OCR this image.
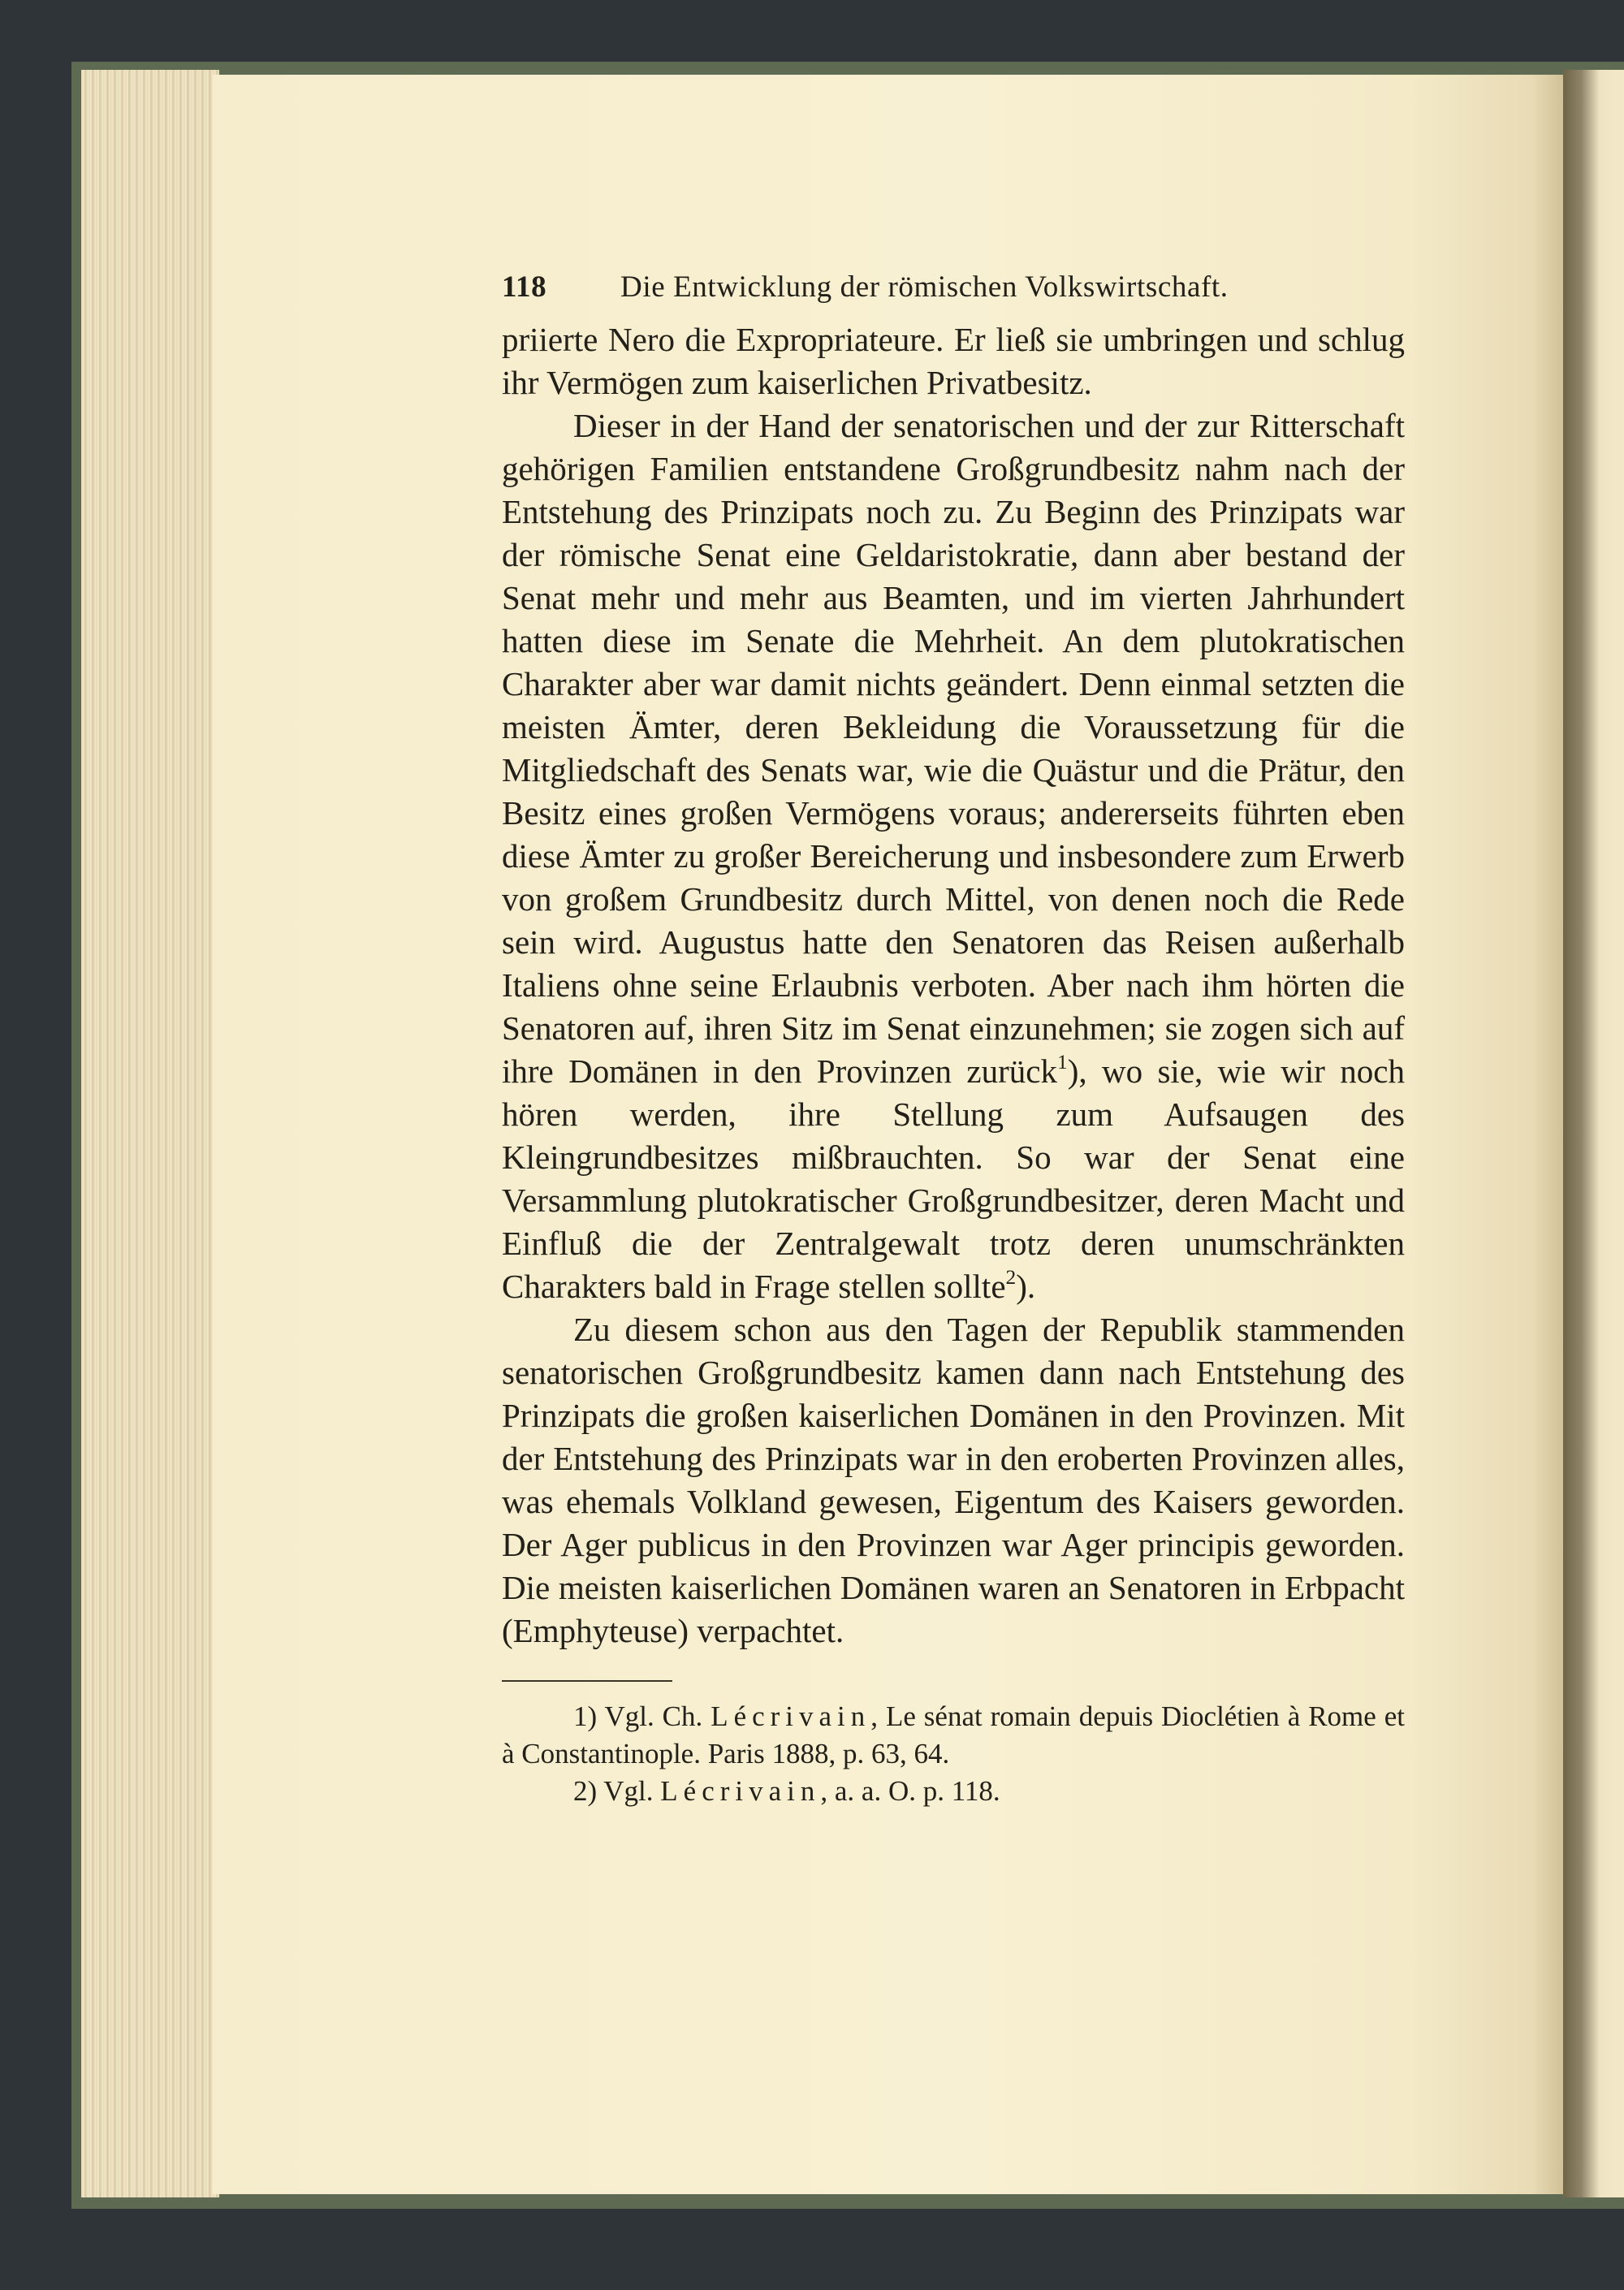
118 Die Entwicklung der römischen Volkswirtschaft.

priierte Nero die Expropriateure. Er ließ sie umbringen und schlug ihr Vermögen zum kaiserlichen Privatbesitz.

Dieser in der Hand der senatorischen und der zur Ritterschaft gehörigen Familien entstandene Großgrundbesitz nahm nach der Entstehung des Prinzipats noch zu. Zu Beginn des Prinzipats war der römische Senat eine Geldaristokratie, dann aber bestand der Senat mehr und mehr aus Beamten, und im vierten Jahrhundert hatten diese im Senate die Mehrheit. An dem plutokratischen Charakter aber war damit nichts geändert. Denn einmal setzten die meisten Ämter, deren Bekleidung die Voraussetzung für die Mitgliedschaft des Senats war, wie die Quästur und die Prätur, den Besitz eines großen Vermögens voraus; andererseits führten eben diese Ämter zu großer Bereicherung und insbesondere zum Erwerb von großem Grundbesitz durch Mittel, von denen noch die Rede sein wird. Augustus hatte den Senatoren das Reisen außerhalb Italiens ohne seine Erlaubnis verboten. Aber nach ihm hörten die Senatoren auf, ihren Sitz im Senat einzunehmen; sie zogen sich auf ihre Domänen in den Provinzen zurück$^1$), wo sie, wie wir noch hören werden, ihre Stellung zum Aufsaugen des Kleingrundbesitzes mißbrauchten. So war der Senat eine Versammlung plutokratischer Großgrundbesitzer, deren Macht und Einfluß die der Zentralgewalt trotz deren unumschränkten Charakters bald in Frage stellen sollte$^2$).

Zu diesem schon aus den Tagen der Republik stammenden senatorischen Großgrundbesitz kamen dann nach Entstehung des Prinzipats die großen kaiserlichen Domänen in den Provinzen. Mit der Entstehung des Prinzipats war in den eroberten Provinzen alles, was ehemals Volkland gewesen, Eigentum des Kaisers geworden. Der Ager publicus in den Provinzen war Ager principis geworden. Die meisten kaiserlichen Domänen waren an Senatoren in Erbpacht (Emphyteuse) verpachtet.

1) Vgl. Ch. Lécrivain, Le sénat romain depuis Dioclétien à Rome et à Constantinople. Paris 1888, p. 63, 64.

2) Vgl. Lécrivain, a. a. O. p. 118.
